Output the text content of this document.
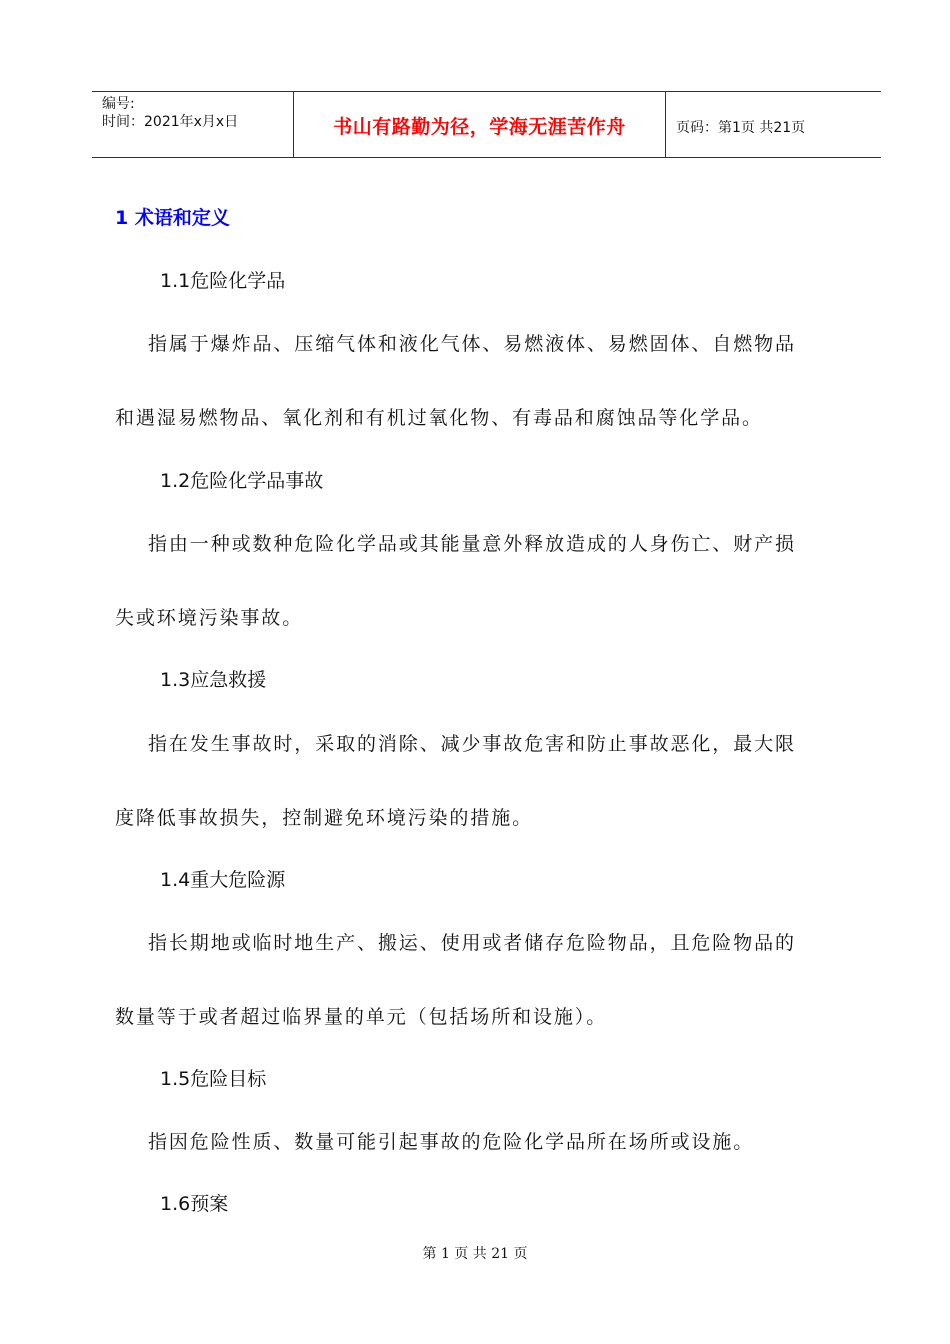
编号:
时间：2021年x月x日	书山有路勤为径，学海无涯苦作舟	页码：第1页 共21页
1 术语和定义
1.1危险化学品
指属于爆炸品、压缩气体和液化气体、易燃液体、易燃固体、自燃物品
和遇湿易燃物品、氧化剂和有机过氧化物、有毒品和腐蚀品等化学品。
1.2危险化学品事故
指由一种或数种危险化学品或其能量意外释放造成的人身伤亡、财产损
失或环境污染事故。
1.3应急救援
指在发生事故时，采取的消除、减少事故危害和防止事故恶化，最大限
度降低事故损失，控制避免环境污染的措施。
1.4重大危险源
指长期地或临时地生产、搬运、使用或者储存危险物品，且危险物品的
数量等于或者超过临界量的单元（包括场所和设施）。
1.5危险目标
指因危险性质、数量可能引起事故的危险化学品所在场所或设施。
1.6预案
第 1 页 共 21 页
